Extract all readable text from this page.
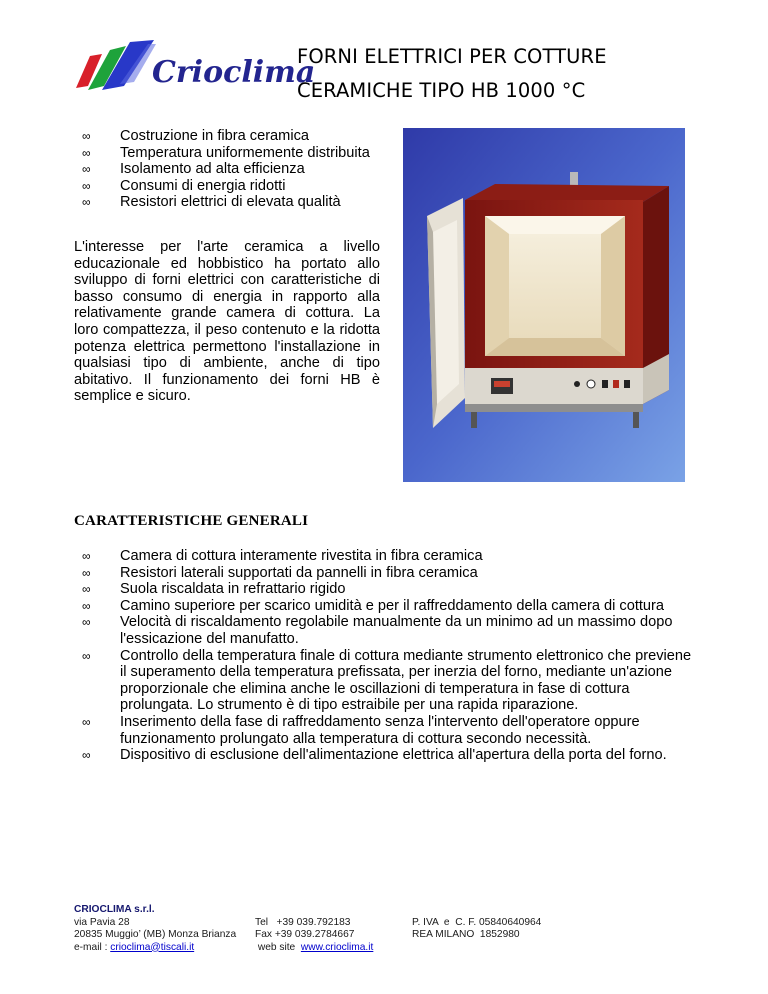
Crioclima
FORNI ELETTRICI PER COTTURE
CERAMICHE TIPO HB 1000 °C
∞ Costruzione in fibra ceramica
∞ Temperatura uniformemente distribuita
∞ Isolamento ad alta efficienza
∞ Consumi di energia ridotti
∞ Resistori elettrici di elevata qualità

L'interesse per l'arte ceramica a livello educazionale ed hobbistico ha portato allo sviluppo di forni elettrici con caratteristiche di basso consumo di energia in rapporto alla relativamente grande camera di cottura. La loro compattezza, il peso contenuto e la ridotta potenza elettrica permettono l'installazione in qualsiasi tipo di ambiente, anche di tipo abitativo. Il funzionamento dei forni HB è semplice e sicuro.

CARATTERISTICHE GENERALI
∞ Camera di cottura interamente rivestita in fibra ceramica
∞ Resistori laterali supportati da pannelli in fibra ceramica
∞ Suola riscaldata in refrattario rigido
∞ Camino superiore per scarico umidità e per il raffreddamento della camera di cottura
∞ Velocità di riscaldamento regolabile manualmente da un minimo ad un massimo dopo l'essicazione del manufatto.
∞ Controllo della temperatura finale di cottura mediante strumento elettronico che previene il superamento della temperatura prefissata, per inerzia del forno, mediante un'azione proporzionale che elimina anche le oscillazioni di temperatura in fase di cottura prolungata. Lo strumento è di tipo estraibile per una rapida riparazione.
∞ Inserimento della fase di raffreddamento senza l'intervento dell'operatore oppure funzionamento prolungato alla temperatura di cottura secondo necessità.
∞ Dispositivo di esclusione dell'alimentazione elettrica all'apertura della porta del forno.
CRIOCLIMA s.r.l.
via Pavia 28
20835 Muggio’ (MB) Monza Brianza
e-mail : crioclima@tiscali.it
Tel   +39 039.792183
Fax +39 039.2784667
web site  www.crioclima.it
P. IVA  e  C. F. 05840640964
REA MILANO  1852980
